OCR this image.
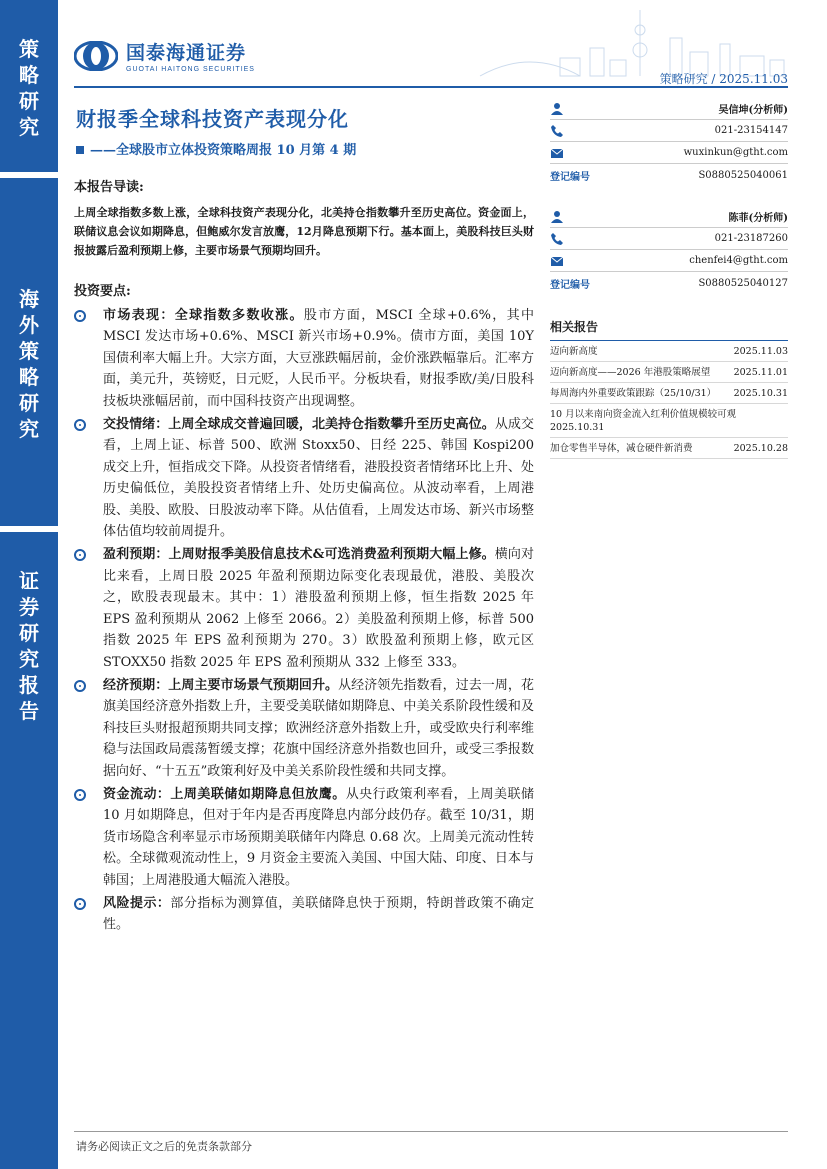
策
略
研
究
海
外
策
略
研
究
证
券
研
究
报
告
国泰海通证券
GUOTAI HAITONG SECURITIES
策略研究 / 2025.11.03
财报季全球科技资产表现分化
——全球股市立体投资策略周报 10 月第 4 期
本报告导读:
上周全球指数多数上涨，全球科技资产表现分化，北美持仓指数攀升至历史高位。资金面上，联储议息会议如期降息，但鲍威尔发言放鹰，12月降息预期下行。基本面上，美股科技巨头财报披露后盈利预期上修，主要市场景气预期均回升。
投资要点:
市场表现：全球指数多数收涨。股市方面，MSCI 全球+0.6%，其中 MSCI 发达市场+0.6%、MSCI 新兴市场+0.9%。债市方面，美国 10Y 国债利率大幅上升。大宗方面，大豆涨跌幅居前，金价涨跌幅靠后。汇率方面，美元升，英镑贬，日元贬，人民币平。分板块看，财报季欧/美/日股科技板块涨幅居前，而中国科技资产出现调整。
交投情绪：上周全球成交普遍回暖，北美持仓指数攀升至历史高位。从成交看，上周上证、标普 500、欧洲 Stoxx50、日经 225、韩国 Kospi200 成交上升，恒指成交下降。从投资者情绪看，港股投资者情绪环比上升、处历史偏低位，美股投资者情绪上升、处历史偏高位。从波动率看，上周港股、美股、欧股、日股波动率下降。从估值看，上周发达市场、新兴市场整体估值均较前周提升。
盈利预期：上周财报季美股信息技术&可选消费盈利预期大幅上修。横向对比来看，上周日股 2025 年盈利预期边际变化表现最优，港股、美股次之，欧股表现最末。其中：1）港股盈利预期上修，恒生指数 2025 年 EPS 盈利预期从 2062 上修至 2066。2）美股盈利预期上修，标普 500 指数 2025 年 EPS 盈利预期为 270。3）欧股盈利预期上修，欧元区 STOXX50 指数 2025 年 EPS 盈利预期从 332 上修至 333。
经济预期：上周主要市场景气预期回升。从经济领先指数看，过去一周，花旗美国经济意外指数上升，主要受美联储如期降息、中美关系阶段性缓和及科技巨头财报超预期共同支撑；欧洲经济意外指数上升，或受欧央行利率维稳与法国政局震荡暂缓支撑；花旗中国经济意外指数也回升，或受三季报数据向好、“十五五”政策利好及中美关系阶段性缓和共同支撑。
资金流动：上周美联储如期降息但放鹰。从央行政策利率看，上周美联储 10 月如期降息，但对于年内是否再度降息内部分歧仍存。截至 10/31，期货市场隐含利率显示市场预期美联储年内降息 0.68 次。上周美元流动性转松。全球微观流动性上，9 月资金主要流入美国、中国大陆、印度、日本与韩国；上周港股通大幅流入港股。
风险提示：部分指标为测算值，美联储降息快于预期，特朗普政策不确定性。
吴信坤(分析师)
021-23154147
wuxinkun@gtht.com
登记编号	S0880525040061
陈菲(分析师)
021-23187260
chenfei4@gtht.com
登记编号	S0880525040127
相关报告
迈向新高度	2025.11.03
迈向新高度——2026 年港股策略展望 2025.11.01
每周海内外重要政策跟踪（25/10/31） 2025.10.31
10 月以来南向资金流入红利价值规模较可观
2025.10.31
加仓零售半导体，减仓硬件新消费	2025.10.28
请务必阅读正文之后的免责条款部分
